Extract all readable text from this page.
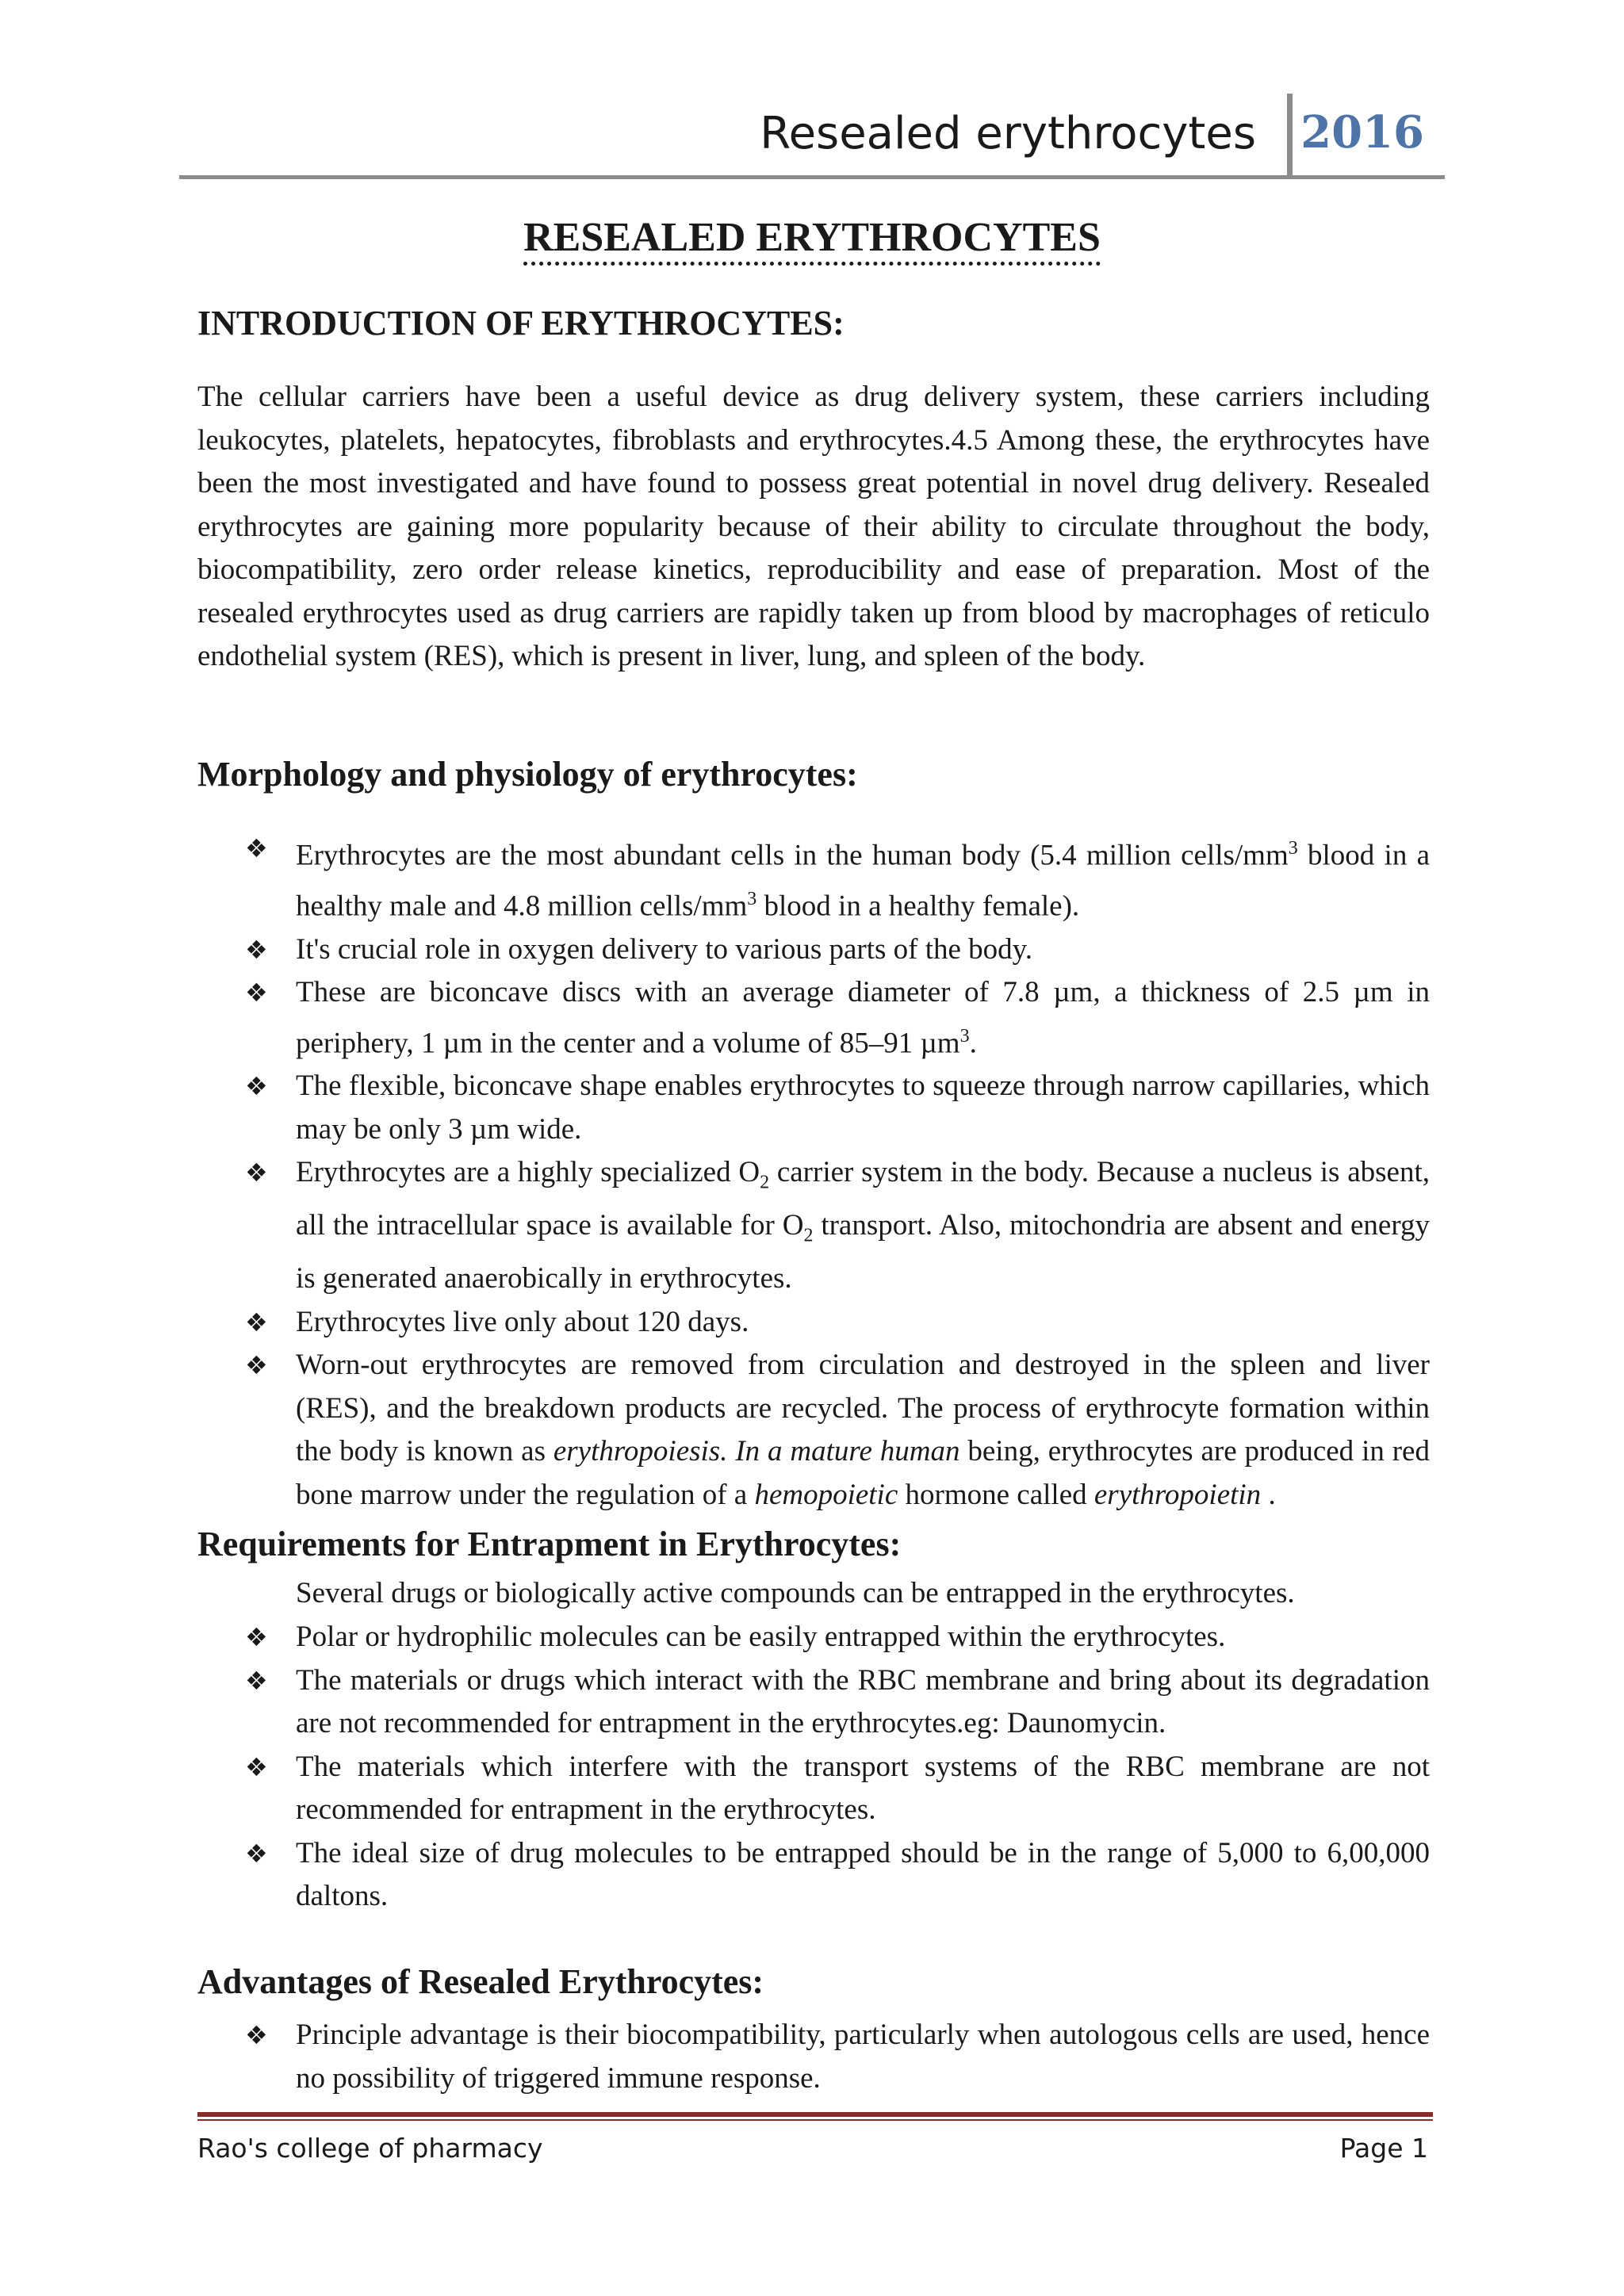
Resealed erythrocytes 2016
RESEALED ERYTHROCYTES
INTRODUCTION OF ERYTHROCYTES:

The cellular carriers have been a useful device as drug delivery system, these carriers including leukocytes, platelets, hepatocytes, fibroblasts and erythrocytes.4.5 Among these, the erythrocytes have been the most investigated and have found to possess great potential in novel drug delivery. Resealed erythrocytes are gaining more popularity because of their ability to circulate throughout the body, biocompatibility, zero order release kinetics, reproducibility and ease of preparation. Most of the resealed erythrocytes used as drug carriers are rapidly taken up from blood by macrophages of reticulo endothelial system (RES), which is present in liver, lung, and spleen of the body.

Morphology and physiology of erythrocytes:
❖ Erythrocytes are the most abundant cells in the human body (5.4 million cells/$mm^3$ blood in a healthy male and 4.8 million cells/$mm^3$ blood in a healthy female).
❖ It's crucial role in oxygen delivery to various parts of the body.
❖ These are biconcave discs with an average diameter of 7.8 µm, a thickness of 2.5 µm in periphery, 1 µm in the center and a volume of 85–91 µm$^3$.
❖ The flexible, biconcave shape enables erythrocytes to squeeze through narrow capillaries, which may be only 3 µm wide.
❖ Erythrocytes are a highly specialized $O_2$ carrier system in the body. Because a nucleus is absent, all the intracellular space is available for $O_2$ transport. Also, mitochondria are absent and energy is generated anaerobically in erythrocytes.
❖ Erythrocytes live only about 120 days.
❖ Worn-out erythrocytes are removed from circulation and destroyed in the spleen and liver (RES), and the breakdown products are recycled. The process of erythrocyte formation within the body is known as erythropoiesis. In a mature human being, erythrocytes are produced in red bone marrow under the regulation of a hemopoietic hormone called erythropoietin .
Requirements for Entrapment in Erythrocytes:
Several drugs or biologically active compounds can be entrapped in the erythrocytes.
❖ Polar or hydrophilic molecules can be easily entrapped within the erythrocytes.
❖ The materials or drugs which interact with the RBC membrane and bring about its degradation are not recommended for entrapment in the erythrocytes.eg: Daunomycin.
❖ The materials which interfere with the transport systems of the RBC membrane are not recommended for entrapment in the erythrocytes.
❖ The ideal size of drug molecules to be entrapped should be in the range of 5,000 to 6,00,000 daltons.
Advantages of Resealed Erythrocytes:
❖ Principle advantage is their biocompatibility, particularly when autologous cells are used, hence no possibility of triggered immune response.
Rao's college of pharmacy	Page 1
